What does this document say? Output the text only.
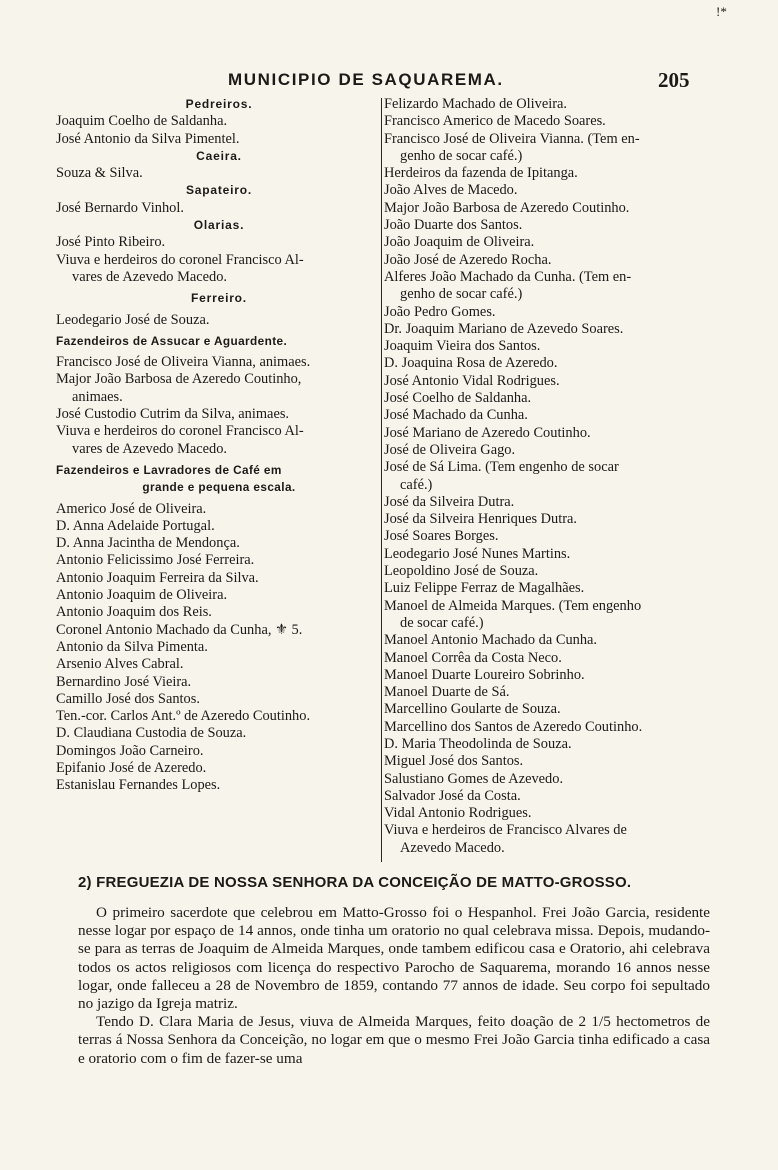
!*
MUNICIPIO DE SAQUAREMA.	205
Pedreiros.
Joaquim Coelho de Saldanha.
José Antonio da Silva Pimentel.
Caeira.
Souza & Silva.
Sapateiro.
José Bernardo Vinhol.
Olarias.
José Pinto Ribeiro.
Viuva e herdeiros do coronel Francisco Al-
vares de Azevedo Macedo.
Ferreiro.
Leodegario José de Souza.
Fazendeiros de Assucar e Aguardente.
Francisco José de Oliveira Vianna, animaes.
Major João Barbosa de Azeredo Coutinho,
animaes.
José Custodio Cutrim da Silva, animaes.
Viuva e herdeiros do coronel Francisco Al-
vares de Azevedo Macedo.
Fazendeiros e Lavradores de Café em
grande e pequena escala.
Americo José de Oliveira.
D. Anna Adelaide Portugal.
D. Anna Jacintha de Mendonça.
Antonio Felicissimo José Ferreira.
Antonio Joaquim Ferreira da Silva.
Antonio Joaquim de Oliveira.
Antonio Joaquim dos Reis.
Coronel Antonio Machado da Cunha, ⚜ 5.
Antonio da Silva Pimenta.
Arsenio Alves Cabral.
Bernardino José Vieira.
Camillo José dos Santos.
Ten.-cor. Carlos Ant.º de Azeredo Coutinho.
D. Claudiana Custodia de Souza.
Domingos João Carneiro.
Epifanio José de Azeredo.
Estanislau Fernandes Lopes.
Felizardo Machado de Oliveira.
Francisco Americo de Macedo Soares.
Francisco José de Oliveira Vianna. (Tem en-
genho de socar café.)
Herdeiros da fazenda de Ipitanga.
João Alves de Macedo.
Major João Barbosa de Azeredo Coutinho.
João Duarte dos Santos.
João Joaquim de Oliveira.
João José de Azeredo Rocha.
Alferes João Machado da Cunha. (Tem en-
genho de socar café.)
João Pedro Gomes.
Dr. Joaquim Mariano de Azevedo Soares.
Joaquim Vieira dos Santos.
D. Joaquina Rosa de Azeredo.
José Antonio Vidal Rodrigues.
José Coelho de Saldanha.
José Machado da Cunha.
José Mariano de Azeredo Coutinho.
José de Oliveira Gago.
José de Sá Lima. (Tem engenho de socar
café.)
José da Silveira Dutra.
José da Silveira Henriques Dutra.
José Soares Borges.
Leodegario José Nunes Martins.
Leopoldino José de Souza.
Luiz Felippe Ferraz de Magalhães.
Manoel de Almeida Marques. (Tem engenho
de socar café.)
Manoel Antonio Machado da Cunha.
Manoel Corrêa da Costa Neco.
Manoel Duarte Loureiro Sobrinho.
Manoel Duarte de Sá.
Marcellino Goularte de Souza.
Marcellino dos Santos de Azeredo Coutinho.
D. Maria Theodolinda de Souza.
Miguel José dos Santos.
Salustiano Gomes de Azevedo.
Salvador José da Costa.
Vidal Antonio Rodrigues.
Viuva e herdeiros de Francisco Alvares de
Azevedo Macedo.
2) FREGUEZIA DE NOSSA SENHORA DA CONCEIÇÃO DE MATTO-GROSSO.

O primeiro sacerdote que celebrou em Matto-Grosso foi o Hespanhol. Frei João Garcia, residente nesse logar por espaço de 14 annos, onde tinha um oratorio no qual celebrava missa. Depois, mudando-se para as terras de Joaquim de Almeida Marques, onde tambem edificou casa e Oratorio, ahi celebrava todos os actos religiosos com licença do respectivo Parocho de Saquarema, morando 16 annos nesse logar, onde falleceu a 28 de Novembro de 1859, contando 77 annos de idade. Seu corpo foi sepultado no jazigo da Igreja matriz.

Tendo D. Clara Maria de Jesus, viuva de Almeida Marques, feito doação de 2 1/5 hectometros de terras á Nossa Senhora da Conceição, no logar em que o mesmo Frei João Garcia tinha edificado a casa e oratorio com o fim de fazer-se uma
